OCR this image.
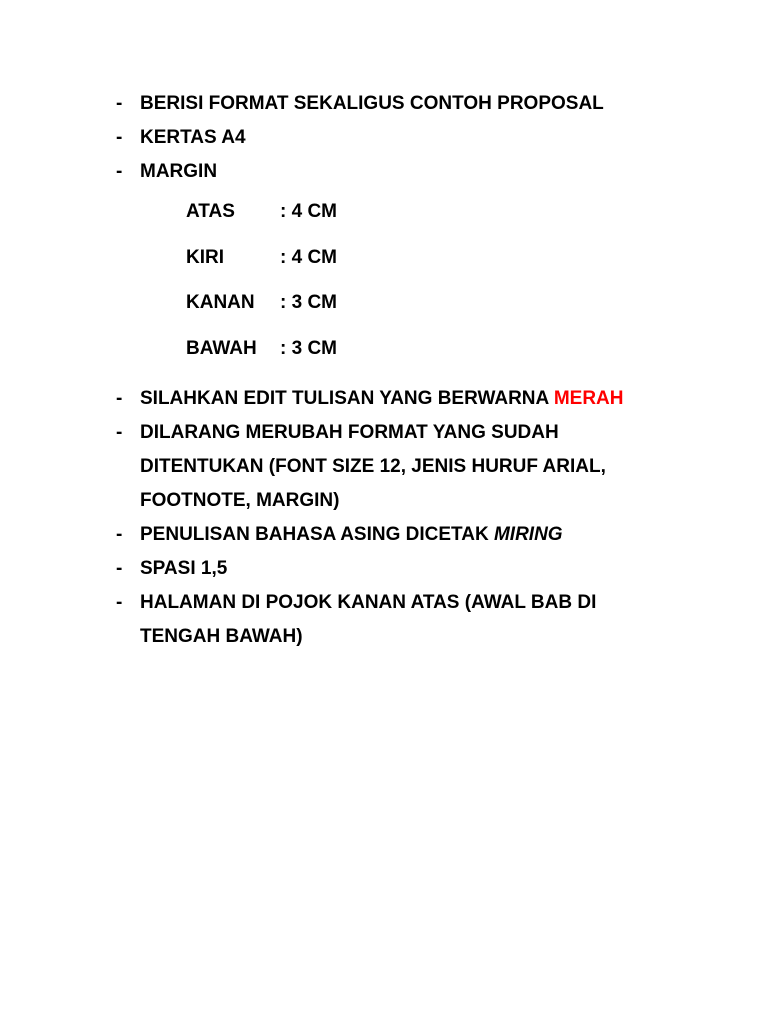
- BERISI FORMAT SEKALIGUS CONTOH PROPOSAL
- KERTAS A4
- MARGIN
ATAS	: 4 CM
KIRI	: 4 CM
KANAN	: 3 CM
BAWAH	: 3 CM
- SILAHKAN EDIT TULISAN YANG BERWARNA MERAH
- DILARANG MERUBAH FORMAT YANG SUDAH
DITENTUKAN (FONT SIZE 12, JENIS HURUF ARIAL,
FOOTNOTE, MARGIN)
- PENULISAN BAHASA ASING DICETAK MIRING
- SPASI 1,5
- HALAMAN DI POJOK KANAN ATAS (AWAL BAB DI
TENGAH BAWAH)
